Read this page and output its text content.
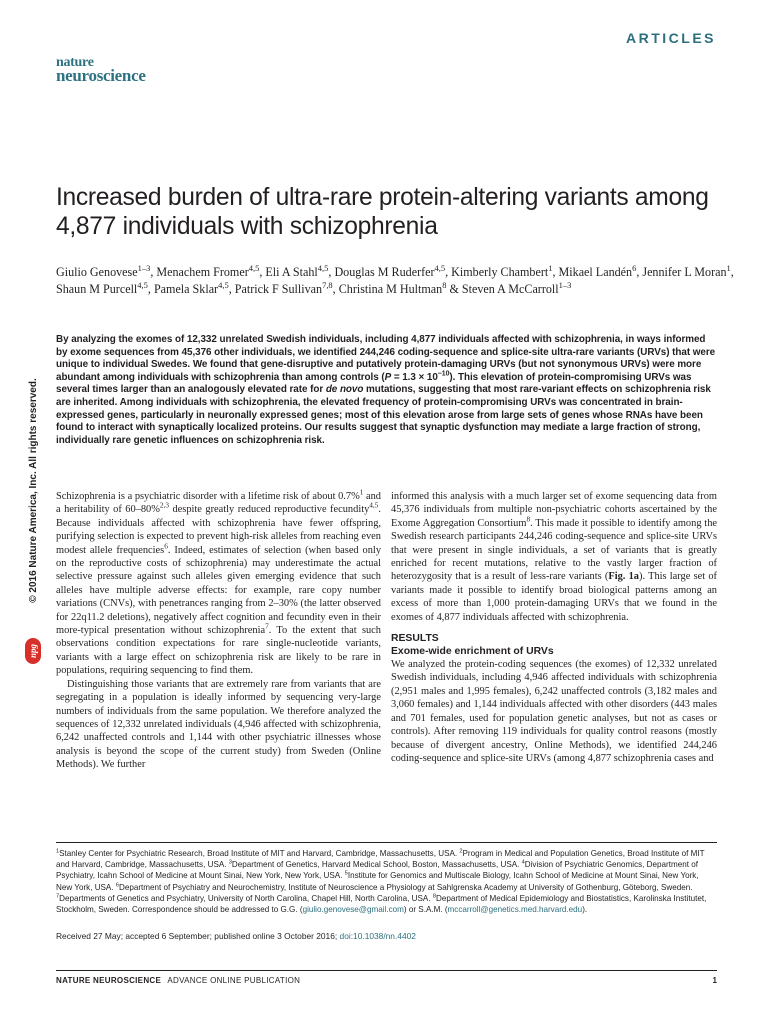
ARTICLES
nature
neuroscience
Increased burden of ultra-rare protein-altering variants among 4,877 individuals with schizophrenia
Giulio Genovese$^{1-3}$, Menachem Fromer$^{4,5}$, Eli A Stahl$^{4,5}$, Douglas M Ruderfer$^{4,5}$, Kimberly Chambert$^1$, Mikael Landén$^6$, Jennifer L Moran$^1$, Shaun M Purcell$^{4,5}$, Pamela Sklar$^{4,5}$, Patrick F Sullivan$^{7,8}$, Christina M Hultman$^8$ & Steven A McCarroll$^{1-3}$
By analyzing the exomes of 12,332 unrelated Swedish individuals, including 4,877 individuals affected with schizophrenia, in ways informed by exome sequences from 45,376 other individuals, we identified 244,246 coding-sequence and splice-site ultra-rare variants (URVs) that were unique to individual Swedes. We found that gene-disruptive and putatively protein-damaging URVs (but not synonymous URVs) were more abundant among individuals with schizophrenia than among controls $(P = 1.3 \times 10^{-10})$. This elevation of protein-compromising URVs was several times larger than an analogously elevated rate for de novo mutations, suggesting that most rare-variant effects on schizophrenia risk are inherited. Among individuals with schizophrenia, the elevated frequency of protein-compromising URVs was concentrated in brain-expressed genes, particularly in neuronally expressed genes; most of this elevation arose from large sets of genes whose RNAs have been found to interact with synaptically localized proteins. Our results suggest that synaptic dysfunction may mediate a large fraction of strong, individually rare genetic influences on schizophrenia risk.
© 2016 Nature America, Inc. All rights reserved.
npg

Schizophrenia is a psychiatric disorder with a lifetime risk of about 0.7%$^1$ and a heritability of 60–80%$^{2,3}$ despite greatly reduced reproductive fecundity$^{4,5}$. Because individuals affected with schizophrenia have fewer offspring, purifying selection is expected to prevent high-risk alleles from reaching even modest allele frequencies$^6$. Indeed, estimates of selection (when based only on the reproductive costs of schizophrenia) may underestimate the actual selective pressure against such alleles given emerging evidence that such alleles have multiple adverse effects: for example, rare copy number variations (CNVs), with penetrances ranging from 2–30% (the latter observed for 22q11.2 deletions), negatively affect cognition and fecundity even in their more-typical presentation without schizophrenia$^7$. To the extent that such observations condition expectations for rare single-nucleotide variants, variants with a large effect on schizophrenia risk are likely to be rare in populations, requiring sequencing to find them.

Distinguishing those variants that are extremely rare from variants that are segregating in a population is ideally informed by sequencing very-large numbers of individuals from the same population. We therefore analyzed the sequences of 12,332 unrelated individuals (4,946 affected with schizophrenia, 6,242 unaffected controls and 1,144 with other psychiatric illnesses whose analysis is beyond the scope of the current study) from Sweden (Online Methods). We further

informed this analysis with a much larger set of exome sequencing data from 45,376 individuals from multiple non-psychiatric cohorts ascertained by the Exome Aggregation Consortium$^8$. This made it possible to identify among the Swedish research participants 244,246 coding-sequence and splice-site URVs that were present in single individuals, a set of variants that is greatly enriched for recent mutations, relative to the vastly larger fraction of heterozygosity that is a result of less-rare variants (Fig. 1a). This large set of variants made it possible to identify broad biological patterns among an excess of more than 1,000 protein-damaging URVs that we found in the exomes of 4,877 individuals affected with schizophrenia.

RESULTS
Exome-wide enrichment of URVs

We analyzed the protein-coding sequences (the exomes) of 12,332 unrelated Swedish individuals, including 4,946 affected individuals with schizophrenia (2,951 males and 1,995 females), 6,242 unaffected controls (3,182 males and 3,060 females) and 1,144 individuals affected with other disorders (443 males and 701 females, used for population genetic analyses, but not as cases or controls). After removing 119 individuals for quality control reasons (mostly because of divergent ancestry, Online Methods), we identified 244,246 coding-sequence and splice-site URVs (among 4,877 schizophrenia cases and

$^1$Stanley Center for Psychiatric Research, Broad Institute of MIT and Harvard, Cambridge, Massachusetts, USA. $^2$Program in Medical and Population Genetics, Broad Institute of MIT and Harvard, Cambridge, Massachusetts, USA. $^3$Department of Genetics, Harvard Medical School, Boston, Massachusetts, USA. $^4$Division of Psychiatric Genomics, Department of Psychiatry, Icahn School of Medicine at Mount Sinai, New York, New York, USA. $^5$Institute for Genomics and Multiscale Biology, Icahn School of Medicine at Mount Sinai, New York, New York, USA. $^6$Department of Psychiatry and Neurochemistry, Institute of Neuroscience a Physiology at Sahlgrenska Academy at University of Gothenburg, Göteborg, Sweden. $^7$Departments of Genetics and Psychiatry, University of North Carolina, Chapel Hill, North Carolina, USA. $^8$Department of Medical Epidemiology and Biostatistics, Karolinska Institutet, Stockholm, Sweden. Correspondence should be addressed to G.G. (giulio.genovese@gmail.com) or S.A.M. (mccarroll@genetics.med.harvard.edu).
Received 27 May; accepted 6 September; published online 3 October 2016; doi:10.1038/nn.4402
NATURE NEUROSCIENCE ADVANCE ONLINE PUBLICATION	1
